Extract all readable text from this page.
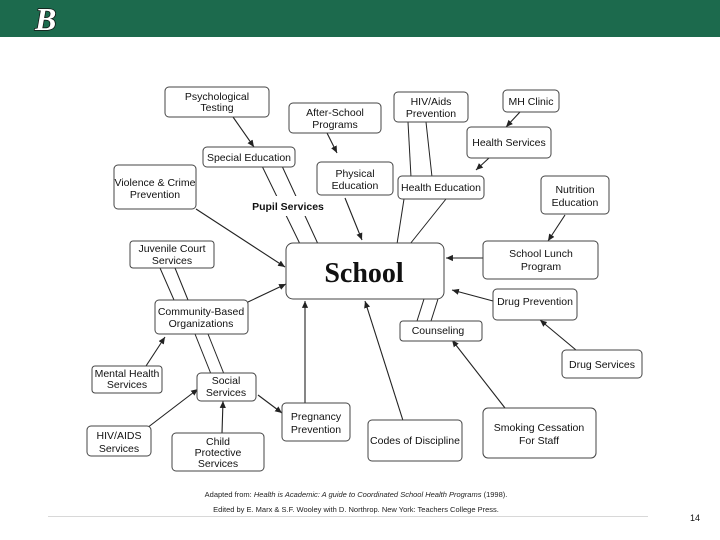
B
Psychological
Testing	After-School
Programs
HIV/Aids
Prevention
MH Clinic
Health Services
Special Education
Physical
Education Health Education	Nutrition
Education
Violence & Crime
Prevention
Pupil Services
School
Juvenile Court
Services
School Lunch
Program
Drug Prevention
Community-Based
Organizations
Counseling
Drug Services
Mental Health
Services	Social
Services
Pregnancy
Prevention
HIV/AIDS
Services
Child
Protective
Services
Codes of Discipline
Smoking Cessation
For Staff
Adapted from: Health is Academic: A guide to Coordinated School Health Programs (1998).
Edited by E. Marx & S.F. Wooley with D. Northrop. New York: Teachers College Press.
14
